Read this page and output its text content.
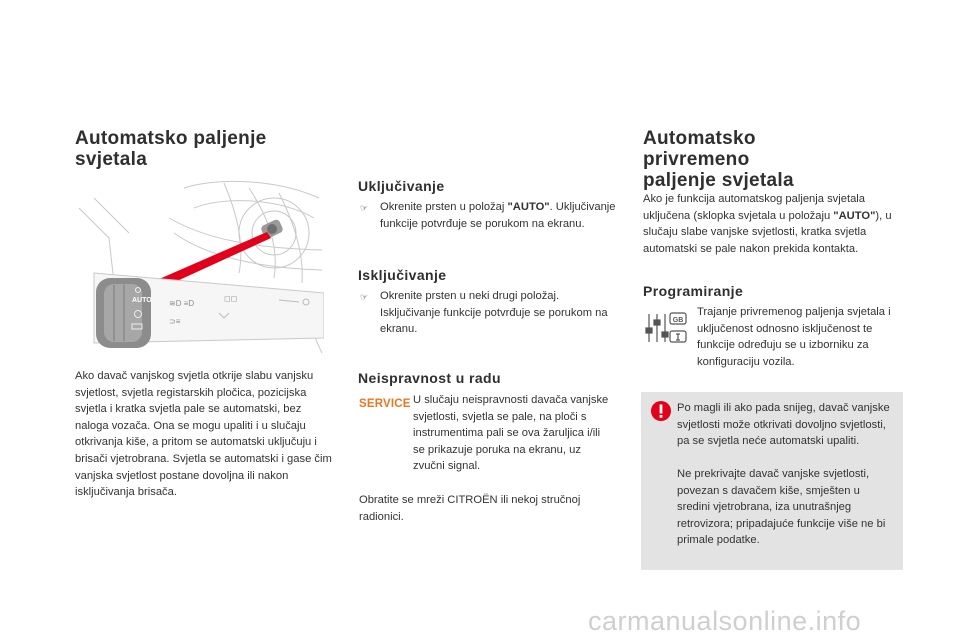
Automatsko paljenje
svjetala
AUTO ≋D ≡D
⊃≡
◻◻

Ako davač vanjskog svjetla otkrije slabu vanjsku svjetlost, svjetla registarskih pločica, pozicijska svjetla i kratka svjetla pale se automatski, bez naloga vozača. Ona se mogu upaliti i u slučaju otkrivanja kiše, a pritom se automatski uključuju i brisači vjetrobrana. Svjetla se automatski i gase čim vanjska svjetlost postane dovoljna ili nakon isključivanja brisača.

Uključivanje
☞ Okrenite prsten u položaj "AUTO". Uključivanje funkcije potvrđuje se porukom na ekranu.
Isključivanje
☞ Okrenite prsten u neki drugi položaj. Isključivanje funkcije potvrđuje se porukom na ekranu.
Neispravnost u radu
SERVICE U slučaju neispravnosti davača vanjske svjetlosti, svjetla se pale, na ploči s instrumentima pali se ova žaruljica i/ili se prikazuje poruka na ekranu, uz zvučni signal.

Obratite se mreži CITROËN ili nekoj stručnoj radionici.

Automatsko
privremeno
paljenje svjetala

Ako je funkcija automatskog paljenja svjetala uključena (sklopka svjetala u položaju "AUTO"), u slučaju slabe vanjske svjetlosti, kratka svjetla automatski se pale nakon prekida kontakta.

Programiranje
GB

Trajanje privremenog paljenja svjetala i uključenost odnosno isključenost te funkcije određuju se u izborniku za konfiguraciju vozila.

Po magli ili ako pada snijeg, davač vanjske svjetlosti može otkrivati dovoljno svjetlosti, pa se svjetla neće automatski upaliti.

Ne prekrivajte davač vanjske svjetlosti, povezan s davačem kiše, smješten u sredini vjetrobrana, iza unutrašnjeg retrovizora; pripadajuće funkcije više ne bi primale podatke.

carmanualsonline.info
